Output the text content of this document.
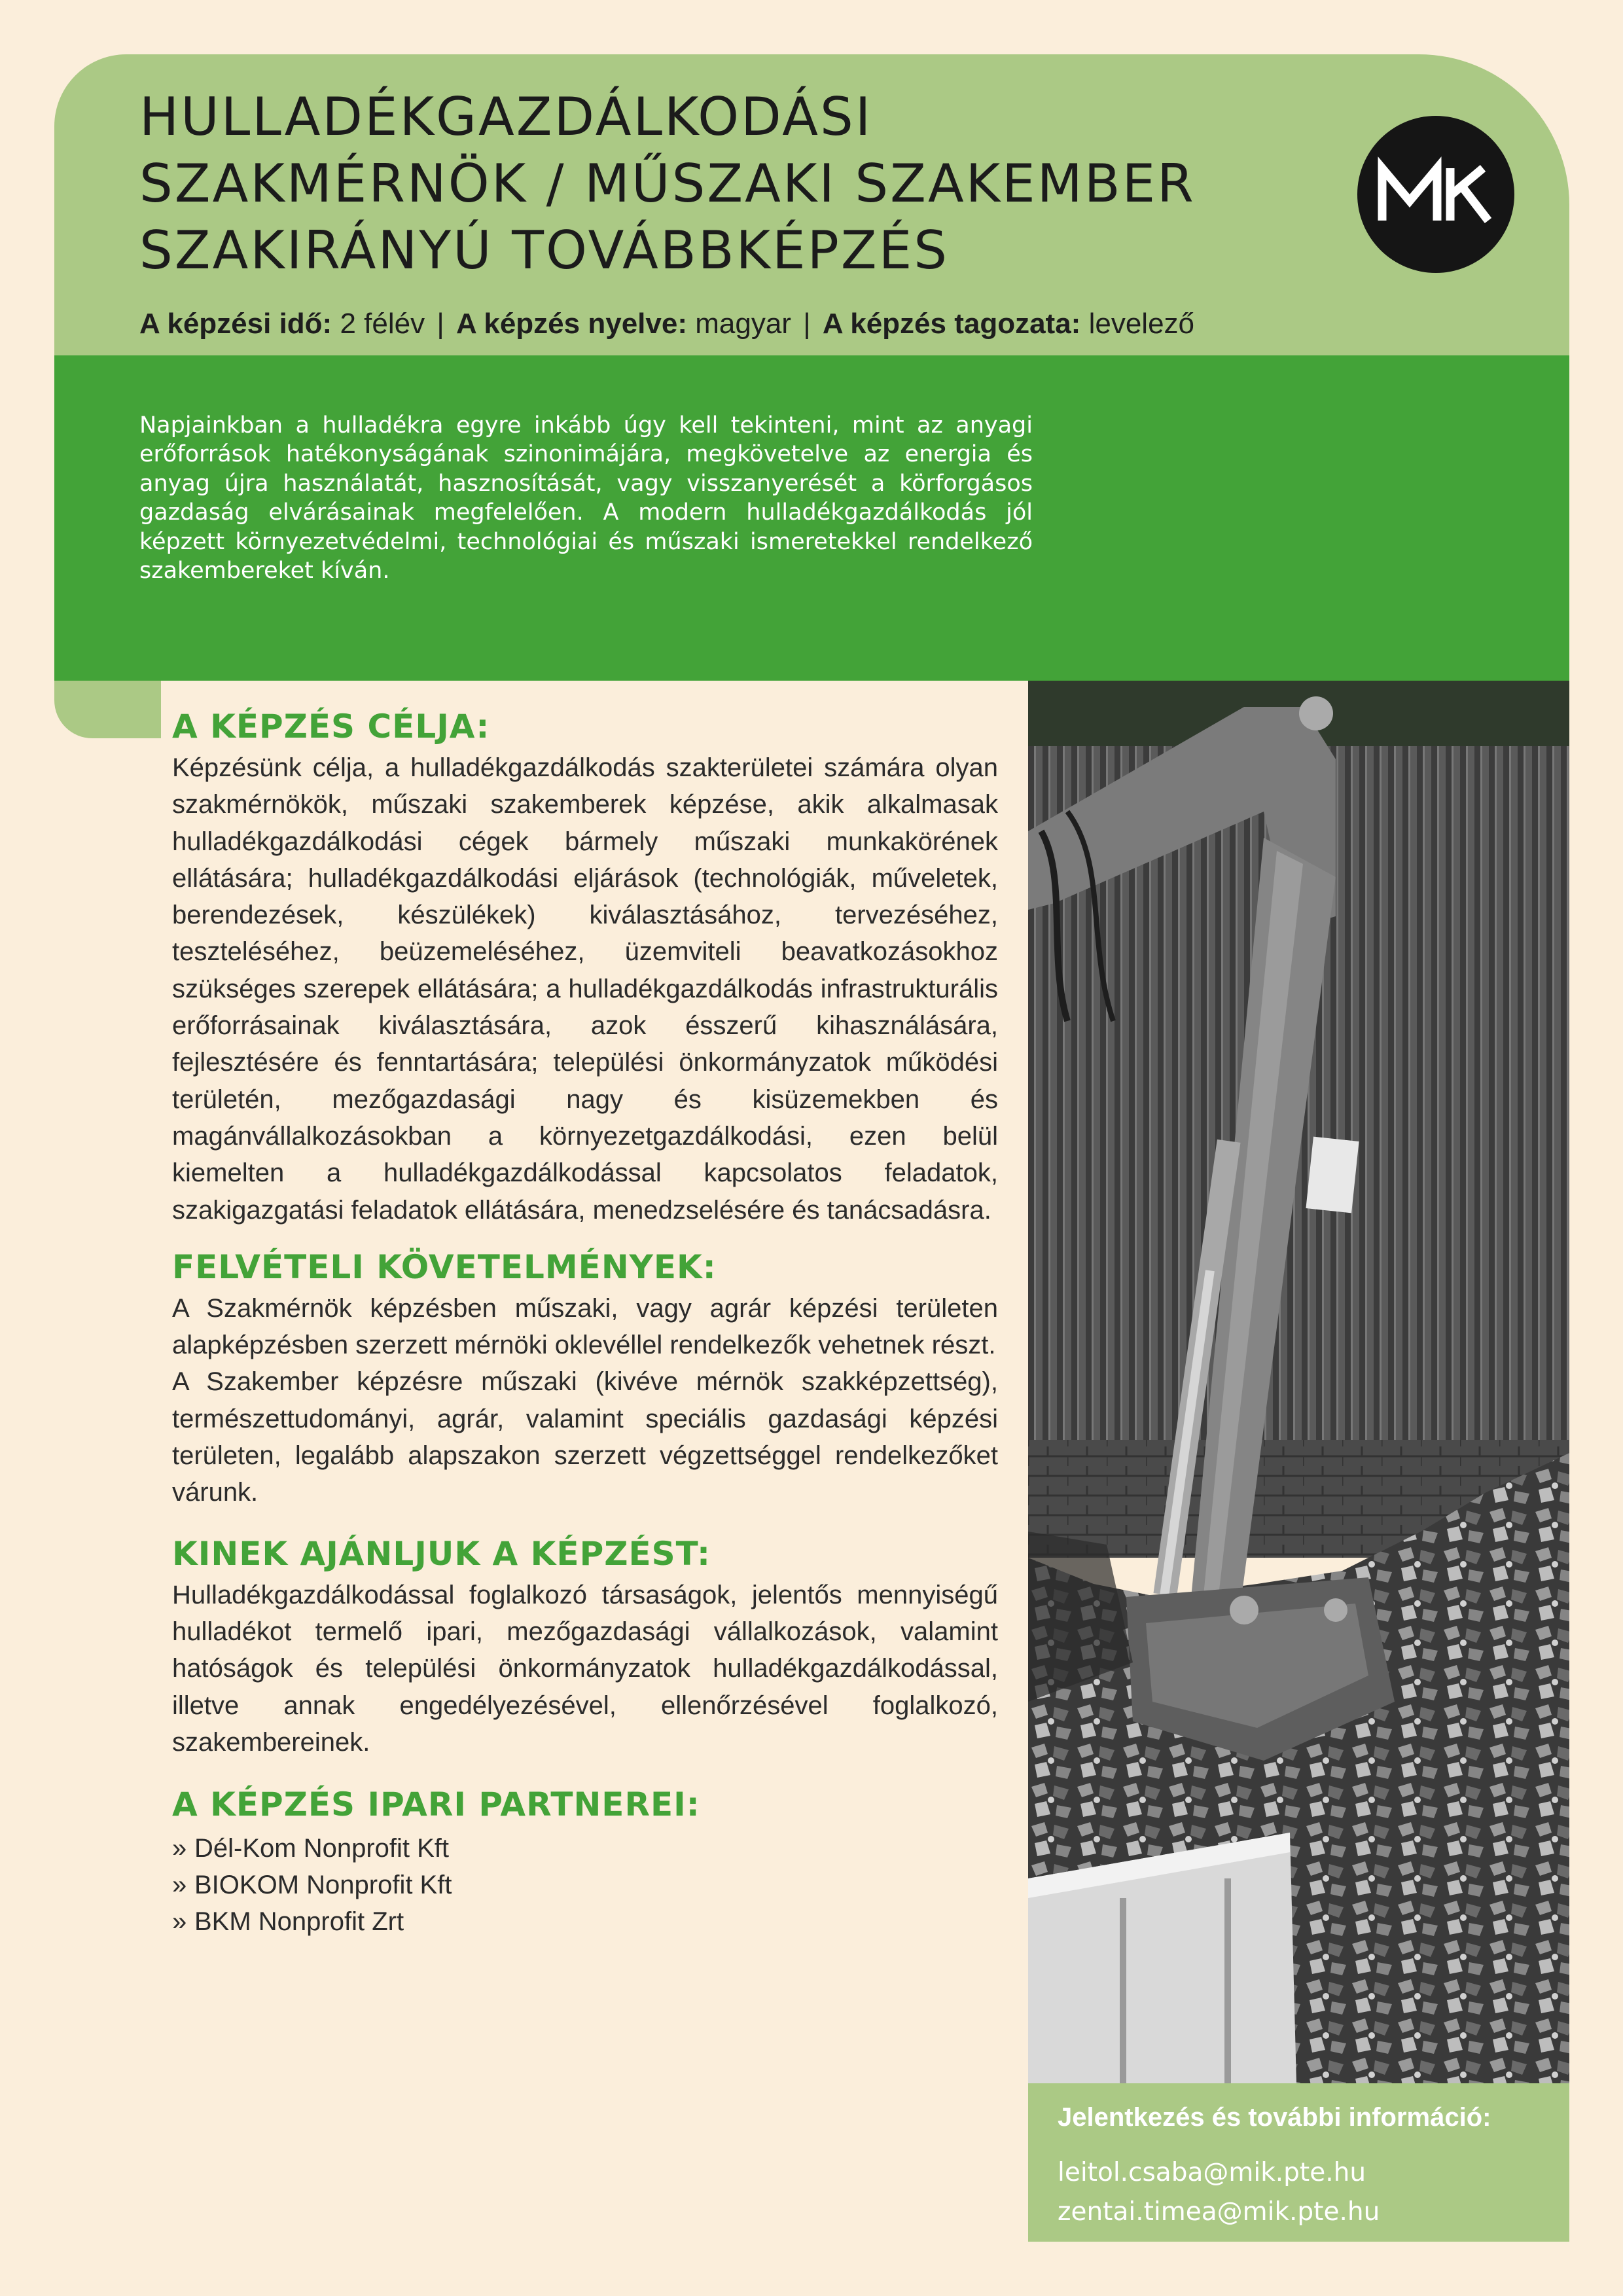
HULLADÉKGAZDÁLKODÁSI
SZAKMÉRNÖK / MŰSZAKI SZAKEMBER
SZAKIRÁNYÚ TOVÁBBKÉPZÉS	MIK
A képzési idő: 2 félév | A képzés nyelve: magyar | A képzés tagozata: levelező

Napjainkban a hulladékra egyre inkább úgy kell tekinteni, mint az anyagi erőforrások hatékonyságának szinonimájára, megkövetelve az energia és anyag újra használatát, hasznosítását, vagy visszanyerését a körforgásos gazdaság elvárásainak megfelelően. A modern hulladékgazdálkodás jól képzett környezetvédelmi, technológiai és műszaki ismeretekkel rendelkező szakembereket kíván.

Jelentkezés és további információ:
leitol.csaba@mik.pte.hu
zentai.timea@mik.pte.hu
A KÉPZÉS CÉLJA:

Képzésünk célja, a hulladékgazdálkodás szakterületei számára olyan szakmérnökök, műszaki szakemberek képzése, akik alkalmasak hulladékgazdálkodási cégek bármely műszaki munkakörének ellátására; hulladékgazdálkodási eljárások (technológiák, műveletek, berendezések, készülékek) kiválasztásához, tervezéséhez, teszteléséhez, beüzemeléséhez, üzemviteli beavatkozásokhoz szükséges szerepek ellátására; a hulladékgazdálkodás infrastrukturális erőforrásainak kiválasztására, azok ésszerű kihasználására, fejlesztésére és fenntartására; települési önkormányzatok működési területén, mezőgazdasági nagy és kisüzemekben és magánvállalkozásokban a környezetgazdálkodási, ezen belül kiemelten a hulladékgazdálkodással kapcsolatos feladatok, szakigazgatási feladatok ellátására, menedzselésére és tanácsadásra.

FELVÉTELI KÖVETELMÉNYEK:

A Szakmérnök képzésben műszaki, vagy agrár képzési területen alapképzésben szerzett mérnöki oklevéllel rendelkezők vehetnek részt.

A Szakember képzésre műszaki (kivéve mérnök szakképzettség), természettudományi, agrár, valamint speciális gazdasági képzési területen, legalább alapszakon szerzett végzettséggel rendelkezőket várunk.

KINEK AJÁNLJUK A KÉPZÉST:

Hulladékgazdálkodással foglalkozó társaságok, jelentős mennyiségű hulladékot termelő ipari, mezőgazdasági vállalkozások, valamint hatóságok és települési önkormányzatok hulladékgazdálkodással, illetve annak engedélyezésével, ellenőrzésével foglalkozó, szakembereinek.

A KÉPZÉS IPARI PARTNEREI:
» Dél-Kom Nonprofit Kft
» BIOKOM Nonprofit Kft
» BKM Nonprofit Zrt
